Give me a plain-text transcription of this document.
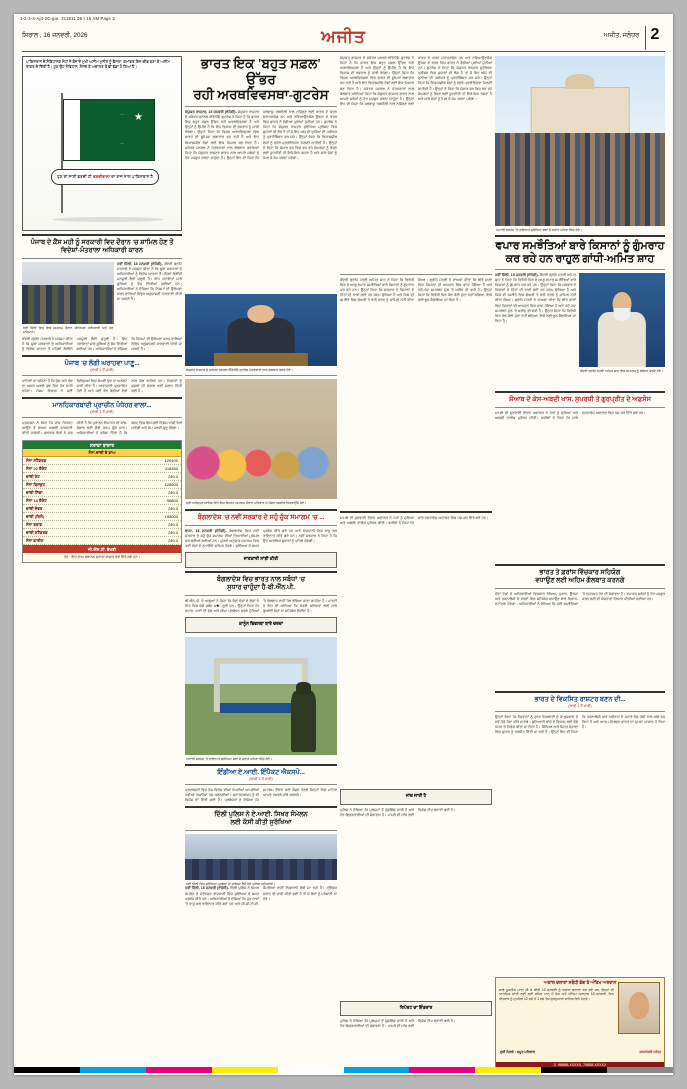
1-2-3-4-Ajit-2C-gur. 311611 05 t 15 AM Page 2
ਸਿਰਾਲ , 16 ਜਨਵਰੀ, 2026	ਅਜੀਤ	ਅਜੀਤ, ਜਲੰਧਰ 2
ਪਾਕਿਸਤਾਨ ਦੇ ਸੰਭਿਧਾਨਕ ਸੋਧਾਂ ਨੇ ਫ਼ੌਜ ਦੇ ਮੁਖੀ ਅਸੀਮ ਮੁਨੀਰ ਨੂੰ ਫ਼ੈਸਲਾ, ਕਮਾਂਡਰ-ਇਨ-ਚੀਫ਼ ਬਣਾ ਕੇ ਅਸੀਮ ਤਾਕਤ ਦੇ ਦਿੱਤੀ ਹੈ। ਹੁਣ ਉਹ ਸੰਵਿਧਾਨ, ਸੰਸਦ ਤੇ ਅਦਾਲਤ ਤੋਂ ਵੀ ਵੱਡਾ ਹੋ ਗਿਆ ਹੈ।
★
ਹੁਣ ਤਾਂ ਸਾਰੀ ਵਰਦੀ ਹੀ ਵਰਦੀਵਾਲਾ ਦਾ ਰਾਜ ਨਾਲ ਪਾਕਿਸਤਾਨ ਹੈ
ਪੰਜਾਬ ਦੇ ਕੈਂਸ ਮਹੀ ਨੂੰ ਸਰਕਾਰੀ ਵਿਦ ਦੌਰਾਨ 'ਚ ਸ਼ਾਮਿਲ ਹੋਣ ਤੋਂ ਵਿਦੇਸ਼ਾਂ-ਮੰਤਰਾਲਾ ਅਧਿਕਾਰੀ ਕਾਰਨ
ਨਵੀਂ ਦਿੱਲੀ ਵਿਚ ਇਕ ਸਮਾਗਮ ਦੌਰਾਨ ਸੀਨੀਅਰ ਅਧਿਕਾਰੀ ਅਤੇ ਹੋਰ ਮਹਿਮਾਨ।
ਨਵੀਂ ਦਿੱਲੀ, 15 ਜਨਵਰੀ (ਏਜੰਸੀ)- ਕੇਂਦਰੀ ਗ੍ਰਹਿ ਮੰਤਰਾਲੇ ਨੇ ਸਪੱਸ਼ਟ ਕੀਤਾ ਹੈ ਕਿ ਸੂਬਾ ਸਰਕਾਰਾਂ ਦੇ ਅਧਿਕਾਰੀਆਂ ਨੂੰ ਵਿਦੇਸ਼ ਯਾਤਰਾ ਤੋਂ ਪਹਿਲਾਂ ਲੋੜੀਂਦੀ ਮਨਜ਼ੂਰੀ ਲੈਣੀ ਜ਼ਰੂਰੀ ਹੈ। ਇਹ ਹਦਾਇਤਾਂ ਸਾਰੇ ਸੂਬਿਆਂ ਨੂੰ ਭੇਜ ਦਿੱਤੀਆਂ ਗਈਆਂ ਹਨ। ਅਧਿਕਾਰੀਆਂ ਨੇ ਦੱਸਿਆ ਕਿ ਨਿਯਮਾਂ ਦੀ ਉਲੰਘਣਾ ਕਰਨ ਵਾਲਿਆਂ ਵਿਰੁੱਧ ਅਨੁਸ਼ਾਸਨੀ ਕਾਰਵਾਈ ਕੀਤੀ ਜਾ ਸਕਦੀ ਹੈ।
ਕੇਂਦਰੀ ਗ੍ਰਹਿ ਮੰਤਰਾਲੇ ਨੇ ਸਪੱਸ਼ਟ ਕੀਤਾ ਹੈ ਕਿ ਸੂਬਾ ਸਰਕਾਰਾਂ ਦੇ ਅਧਿਕਾਰੀਆਂ ਨੂੰ ਵਿਦੇਸ਼ ਯਾਤਰਾ ਤੋਂ ਪਹਿਲਾਂ ਲੋੜੀਂਦੀ ਮਨਜ਼ੂਰੀ ਲੈਣੀ ਜ਼ਰੂਰੀ ਹੈ। ਇਹ ਹਦਾਇਤਾਂ ਸਾਰੇ ਸੂਬਿਆਂ ਨੂੰ ਭੇਜ ਦਿੱਤੀਆਂ ਗਈਆਂ ਹਨ। ਅਧਿਕਾਰੀਆਂ ਨੇ ਦੱਸਿਆ ਕਿ ਨਿਯਮਾਂ ਦੀ ਉਲੰਘਣਾ ਕਰਨ ਵਾਲਿਆਂ ਵਿਰੁੱਧ ਅਨੁਸ਼ਾਸਨੀ ਕਾਰਵਾਈ ਕੀਤੀ ਜਾ ਸਕਦੀ ਹੈ।
ਪੰਜਾਬ 'ਚ ਲੱਗੀ ਘਰਾਹਵਾ ਪਾਣੂ...
(ਬਾਕੀ 1 ਤੋਂ ਜਾਰੀ)
ਮਾਹਿਰਾਂ ਦਾ ਕਹਿਣਾ ਹੈ ਕਿ ਧੁੰਦ ਅਤੇ ਠੰਢ ਦਾ ਅਸਰ ਅਗਲੇ ਕੁਝ ਦਿਨ ਹੋਰ ਜਾਰੀ ਰਹੇਗਾ। ਮੌਸਮ ਵਿਭਾਗ ਨੇ ਕਈ ਜ਼ਿਲ੍ਹਿਆਂ ਵਿਚ ਸੰਘਣੀ ਧੁੰਦ ਦਾ ਅਲਰਟ ਜਾਰੀ ਕੀਤਾ ਹੈ। ਆਵਾਜਾਈ ਪ੍ਰਭਾਵਿਤ ਹੋਈ ਹੈ ਅਤੇ ਕਈ ਰੇਲ ਗੱਡੀਆਂ ਦੇਰੀ ਨਾਲ ਚੱਲ ਰਹੀਆਂ ਹਨ। ਕਿਸਾਨਾਂ ਨੂੰ ਫ਼ਸਲਾਂ ਦੀ ਸੰਭਾਲ ਲਈ ਸਲਾਹ ਦਿੱਤੀ ਗਈ ਹੈ।
ਮਾਨਹਿਕਾਰਬਾਦੀ ਪ੍ਰਾਚੀਨ ਪੰਧੇਹਰ ਵਾਲਾ...
(ਬਾਕੀ 1 ਤੋਂ ਜਾਰੀ)
ਪ੍ਰਸ਼ਾਸਨ ਨੇ ਕਿਹਾ ਕਿ ਜਾਂਚ ਰਿਪੋਰਟ ਆਉਣ ਤੋਂ ਬਾਅਦ ਅਗਲੀ ਕਾਰਵਾਈ ਕੀਤੀ ਜਾਵੇਗੀ। ਸਥਾਨਕ ਲੋਕਾਂ ਨੇ ਮੰਗ ਕੀਤੀ ਹੈ ਕਿ ਪੁਰਾਤਨ ਇਮਾਰਤ ਦੀ ਸਾਂਭ-ਸੰਭਾਲ ਲਈ ਫ਼ੌਰੀ ਕਦਮ ਚੁੱਕੇ ਜਾਣ। ਅਧਿਕਾਰੀਆਂ ਨੇ ਭਰੋਸਾ ਦਿੱਤਾ ਹੈ ਕਿ ਬਜਟ ਵਿਚ ਇਸ ਲਈ ਵਿਸ਼ੇਸ਼ ਰਾਸ਼ੀ ਰੱਖੀ ਜਾਵੇਗੀ ਅਤੇ ਕੰਮ ਜਲਦੀ ਸ਼ੁਰੂ ਹੋਵੇਗਾ।
ਸਰਾਫ਼ਾ ਬਾਜ਼ਾਰ
ਸੋਨਾ-ਚਾਂਦੀ ਦੇ ਭਾਅ
ਸੋਨਾ ਸਟੈਂਡਰਡ	129100
ਸੋਨਾ 22 ਕੈਰੇਟ	118350
ਚਾਂਦੀ ਰੇਟ	249.0
ਸੋਨਾ ਬਿਸਕੁਟ	128900
ਚਾਂਦੀ ਸਿੱਕਾ	249.0
ਸੋਨਾ 18 ਕੈਰੇਟ	96800
ਚਾਂਦੀ ਜ਼ੇਵਰ	249.0
ਚਾਂਦੀ (ਕਿਲੋ)	198000
ਸੋਨਾ ਬਰਾਂਡ	249.0
ਚਾਂਦੀ ਸਟੈਂਡਰਡ	249.0
ਸੋਨਾ ਫ਼ਾਈਨ	249.0
ਜੀ.ਐੱਸ.ਟੀ. ਵੱਖਰੀ
ਨੋਟ : ਇਹ ਭਾਅ ਸਥਾਨਕ ਸਰਾਫ਼ਾ ਬਾਜ਼ਾਰ ਵੱਲੋਂ ਦਿੱਤੇ ਗਏ ਹਨ।
ਭਾਰਤ ਇਕ 'ਬਹੁਤ ਸਫ਼ਲ' ਉੱਭਰ
ਰਹੀ ਅਰਥਵਿਵਸਥਾ-ਗੁਟਰੇਸ
ਸੰਯੁਕਤ ਰਾਸ਼ਟਰ, 15 ਜਨਵਰੀ (ਏਜੰਸੀ)- ਸੰਯੁਕਤ ਰਾਸ਼ਟਰ ਦੇ ਸਕੱਤਰ ਜਨਰਲ ਐਂਤੋਨੀਓ ਗੁਟਰੇਸ ਨੇ ਕਿਹਾ ਹੈ ਕਿ ਭਾਰਤ ਇਕ ਬਹੁਤ ਸਫ਼ਲ ਉੱਭਰ ਰਹੀ ਅਰਥਵਿਵਸਥਾ ਹੈ ਅਤੇ ਉਨ੍ਹਾਂ ਨੂੰ ਉਮੀਦ ਹੈ ਕਿ ਇਹ ਵਿਕਾਸ ਦੀ ਰਫ਼ਤਾਰ ਨੂੰ ਜਾਰੀ ਰੱਖੇਗਾ। ਉਨ੍ਹਾਂ ਕਿਹਾ ਕਿ ਵਿਸ਼ਵ ਅਰਥਵਿਵਸਥਾ ਵਿਚ ਭਾਰਤ ਦੀ ਭੂਮਿਕਾ ਲਗਾਤਾਰ ਵਧ ਰਹੀ ਹੈ ਅਤੇ ਇਹ ਵਿਕਾਸਸ਼ੀਲ ਦੇਸ਼ਾਂ ਲਈ ਇਕ ਮਿਸਾਲ ਬਣ ਰਿਹਾ ਹੈ। ਸਕੱਤਰ ਜਨਰਲ ਨੇ ਪੱਤਰਕਾਰਾਂ ਨਾਲ ਗੱਲਬਾਤ ਕਰਦਿਆਂ ਕਿਹਾ ਕਿ ਸੰਯੁਕਤ ਰਾਸ਼ਟਰ ਭਾਰਤ ਨਾਲ ਆਪਣੇ ਸਬੰਧਾਂ ਨੂੰ ਹੋਰ ਮਜ਼ਬੂਤ ਕਰਨਾ ਚਾਹੁੰਦਾ ਹੈ। ਉਨ੍ਹਾਂ ਇਹ ਵੀ ਕਿਹਾ ਕਿ ਜਲਵਾਯੂ ਤਬਦੀਲੀ ਨਾਲ ਨਜਿੱਠਣ ਲਈ ਭਾਰਤ ਦੇ ਯਤਨ ਸਰਾਹਣਯੋਗ ਹਨ ਅਤੇ ਨਵਿਆਉਣਯੋਗ ਊਰਜਾ ਦੇ ਖੇਤਰ ਵਿਚ ਭਾਰਤ ਨੇ ਵੱਡੀਆਂ ਪੁਲਾਂਘਾਂ ਪੁੱਟੀਆਂ ਹਨ। ਗੁਟਰੇਸ ਨੇ ਕਿਹਾ ਕਿ ਸੰਯੁਕਤ ਰਾਸ਼ਟਰ ਸੁਰੱਖਿਆ ਪ੍ਰੀਸ਼ਦ ਵਿਚ ਸੁਧਾਰਾਂ ਦੀ ਲੋੜ ਹੈ ਤਾਂ ਜੋ ਇਹ ਅੱਜ ਦੀ ਦੁਨੀਆ ਦੀ ਹਕੀਕਤ ਨੂੰ ਪ੍ਰਤੀਬਿੰਬਤ ਕਰ ਸਕੇ। ਉਨ੍ਹਾਂ ਕਿਹਾ ਕਿ ਵਿਕਾਸਸ਼ੀਲ ਦੇਸ਼ਾਂ ਨੂੰ ਵਧੇਰੇ ਪ੍ਰਤੀਨਿਧਤਾ ਮਿਲਣੀ ਚਾਹੀਦੀ ਹੈ। ਉਨ੍ਹਾਂ ਨੇ ਕਿਹਾ ਕਿ ਸੰਸਾਰ ਭਰ ਵਿਚ ਵਧ ਰਹੇ ਸੰਘਰਸ਼ਾਂ ਨੂੰ ਰੋਕਣ ਲਈ ਕੂਟਨੀਤੀ ਹੀ ਇਕੋ-ਇਕ ਰਸਤਾ ਹੈ ਅਤੇ ਸਾਰੇ ਦੇਸ਼ਾਂ ਨੂੰ ਮਿਲ ਕੇ ਕੰਮ ਕਰਨਾ ਪਵੇਗਾ।
ਸੰਯੁਕਤ ਰਾਸ਼ਟਰ ਦੇ ਸਕੱਤਰ ਜਨਰਲ ਐਂਤੋਨੀਓ ਗੁਟਰੇਸ ਪੱਤਰਕਾਰਾਂ ਨਾਲ ਗੱਲਬਾਤ ਕਰਦੇ ਹੋਏ।
ਸ੍ਰੀ ਅਨੰਦਪੁਰ ਸਾਹਿਬ ਵਿਖੇ ਇਕ ਵਿਆਹ ਸਮਾਗਮ ਦੌਰਾਨ ਪਰਿਵਾਰ ਦੇ ਮੈਂਬਰ ਤਸਵੀਰ ਖਿਚਵਾਉਂਦੇ ਹੋਏ।
ਬੰਗਲਾਦੇਸ਼ 'ਚ ਨਵੀਂ ਸਰਕਾਰ ਦੇ ਸਹੁੰ ਚੁੱਕ ਸਮਾਗਮ 'ਚ ...
ਢਾਕਾ, 15 ਜਨਵਰੀ (ਏਜੰਸੀ)- ਬੰਗਲਾਦੇਸ਼ ਵਿਚ ਨਵੀਂ ਸਰਕਾਰ ਦੇ ਸਹੁੰ ਚੁੱਕ ਸਮਾਗਮ ਦੀਆਂ ਤਿਆਰੀਆਂ ਮੁਕੰਮਲ ਕਰ ਲਈਆਂ ਗਈਆਂ ਹਨ। ਸੂਤਰਾਂ ਅਨੁਸਾਰ ਸਮਾਗਮ ਵਿਚ ਕਈ ਦੇਸ਼ਾਂ ਦੇ ਨੁਮਾਇੰਦੇ ਸ਼ਾਮਿਲ ਹੋਣਗੇ। ਸੁਰੱਖਿਆ ਦੇ ਸਖ਼ਤ ਪ੍ਰਬੰਧ ਕੀਤੇ ਗਏ ਹਨ ਅਤੇ ਰਾਜਧਾਨੀ ਵਿਚ ਵਾਧੂ ਬਲ ਤਾਇਨਾਤ ਕੀਤੇ ਗਏ ਹਨ। ਨਵੀਂ ਸਰਕਾਰ ਨੇ ਕਿਹਾ ਹੈ ਕਿ ਉਹ ਆਰਥਿਕ ਸੁਧਾਰਾਂ ਨੂੰ ਪਹਿਲ ਦੇਵੇਗੀ।
ਜਾਣਕਾਰੀ ਸਾਂਝੀ ਕੀਤੀ
ਬੰਗਲਾਦੇਸ਼ ਵਿਚ ਭਾਰਤ ਨਾਲ ਸਬੰਧਾਂ 'ਚ
ਸੁਧਾਰ ਚਾਹੁੰਦਾ ਹੈ-ਬੀ.ਐੱਨ.ਪੀ.
ਬੀ.ਐੱਨ.ਪੀ. ਦੇ ਆਗੂਆਂ ਨੇ ਕਿਹਾ ਕਿ ਦੋਵਾਂ ਦੇਸ਼ਾਂ ਦੇ ਲੋਕਾਂ ਦੇ ਹਿੱਤ ਵਿਚ ਚੰਗੇ ਸਬੰਧ ਜ�਼ਰੂਰੀ ਹਨ। ਉਨ੍ਹਾਂ ਕਿਹਾ ਕਿ ਵਪਾਰ, ਪਾਣੀ ਦੀ ਵੰਡ ਅਤੇ ਸੀਮਾ ਪ੍ਰਬੰਧਨ ਵਰਗੇ ਮੁੱਦਿਆਂ 'ਤੇ ਗੱਲਬਾਤ ਰਾਹੀਂ ਹੱਲ ਲੱਭਿਆ ਜਾਣਾ ਚਾਹੀਦਾ ਹੈ। ਪਾਰਟੀ ਨੇ ਇਹ ਵੀ ਆਖਿਆ ਕਿ ਖੇਤਰੀ ਸਥਿਰਤਾ ਲਈ ਸਾਰੇ ਗੁਆਂਢੀ ਦੇਸ਼ਾਂ ਦਾ ਸਹਿਯੋਗ ਲੋੜੀਂਦਾ ਹੈ।
ਕਾਨੂੰਨ ਵਿਵਸਥਾ ਬਾਰੇ ਚਰਚਾ
ਅਟਾਰੀ ਸਰਹੱਦ 'ਤੇ ਤਾਇਨਾਤ ਸੁਰੱਖਿਆ ਬਲਾਂ ਦੇ ਜਵਾਨ ਪਹਿਰਾ ਦਿੰਦੇ ਹੋਏ।
ਇੰਡੀਆ ਏ.ਆਈ. ਇੰਪੈਕਟ ਐਕਸਪੋ...
(ਬਾਕੀ 1 ਤੋਂ ਜਾਰੀ)
ਪ੍ਰਦਰਸ਼ਨੀ ਵਿਚ ਦੇਸ਼-ਵਿਦੇਸ਼ ਦੀਆਂ ਕੰਪਨੀਆਂ ਆਪਣੀਆਂ ਨਵੀਆਂ ਤਕਨੀਕਾਂ ਪੇਸ਼ ਕਰਨਗੀਆਂ। ਸਟਾਰਟਅੱਪਸ ਨੂੰ ਵੀ ਵਿਸ਼ੇਸ਼ ਥਾਂ ਦਿੱਤੀ ਗਈ ਹੈ। ਪ੍ਰਬੰਧਕਾਂ ਨੇ ਦੱਸਿਆ ਕਿ ਸਮਾਗਮ ਦੌਰਾਨ ਕਈ ਸੈਸ਼ਨ ਹੋਣਗੇ ਜਿਨ੍ਹਾਂ ਵਿਚ ਮਾਹਿਰ ਆਪਣੇ ਤਜਰਬੇ ਸਾਂਝੇ ਕਰਨਗੇ।
ਦਿੱਲੀ ਪੁਲਿਸ ਨੇ ਏ.ਆਈ. ਸਿਖਰ ਸੰਮੇਲਨ
ਲਈ ਕੱਸੀ ਕੀਤੀ ਸੁਰੱਖਿਆ
ਨਵੀਂ ਦਿੱਲੀ ਵਿਚ ਸੁਰੱਖਿਆ ਪ੍ਰਬੰਧਾਂ ਦਾ ਜਾਇਜ਼ਾ ਲੈਂਦੇ ਹੋਏ ਪੁਲਿਸ ਅਧਿਕਾਰੀ।
ਨਵੀਂ ਦਿੱਲੀ, 15 ਜਨਵਰੀ (ਏਜੰਸੀ)- ਦਿੱਲੀ ਪੁਲਿਸ ਨੇ ਸਿਖਰ ਸੰਮੇਲਨ ਦੇ ਮੱਦੇਨਜ਼ਰ ਰਾਜਧਾਨੀ ਵਿਚ ਸੁਰੱਖਿਆ ਦੇ ਸਖ਼ਤ ਪ੍ਰਬੰਧ ਕੀਤੇ ਹਨ। ਅਧਿਕਾਰੀਆਂ ਨੇ ਦੱਸਿਆ ਕਿ ਮੁੱਖ ਥਾਵਾਂ 'ਤੇ ਵਾਧੂ ਬਲ ਤਾਇਨਾਤ ਕੀਤੇ ਗਏ ਹਨ ਅਤੇ ਸੀ.ਸੀ.ਟੀ.ਵੀ. ਕੈਮਰਿਆਂ ਰਾਹੀਂ ਨਿਗਰਾਨੀ ਰੱਖੀ ਜਾ ਰਹੀ ਹੈ। ਟ੍ਰੈਫ਼ਿਕ ਸਲਾਹ ਵੀ ਜਾਰੀ ਕੀਤੀ ਗਈ ਹੈ ਤਾਂ ਜੋ ਲੋਕਾਂ ਨੂੰ ਪਰੇਸ਼ਾਨੀ ਨਾ ਹੋਵੇ।
ਸੰਯੁਕਤ ਰਾਸ਼ਟਰ ਦੇ ਸਕੱਤਰ ਜਨਰਲ ਐਂਤੋਨੀਓ ਗੁਟਰੇਸ ਨੇ ਕਿਹਾ ਹੈ ਕਿ ਭਾਰਤ ਇਕ ਬਹੁਤ ਸਫ਼ਲ ਉੱਭਰ ਰਹੀ ਅਰਥਵਿਵਸਥਾ ਹੈ ਅਤੇ ਉਨ੍ਹਾਂ ਨੂੰ ਉਮੀਦ ਹੈ ਕਿ ਇਹ ਵਿਕਾਸ ਦੀ ਰਫ਼ਤਾਰ ਨੂੰ ਜਾਰੀ ਰੱਖੇਗਾ। ਉਨ੍ਹਾਂ ਕਿਹਾ ਕਿ ਵਿਸ਼ਵ ਅਰਥਵਿਵਸਥਾ ਵਿਚ ਭਾਰਤ ਦੀ ਭੂਮਿਕਾ ਲਗਾਤਾਰ ਵਧ ਰਹੀ ਹੈ ਅਤੇ ਇਹ ਵਿਕਾਸਸ਼ੀਲ ਦੇਸ਼ਾਂ ਲਈ ਇਕ ਮਿਸਾਲ ਬਣ ਰਿਹਾ ਹੈ। ਸਕੱਤਰ ਜਨਰਲ ਨੇ ਪੱਤਰਕਾਰਾਂ ਨਾਲ ਗੱਲਬਾਤ ਕਰਦਿਆਂ ਕਿਹਾ ਕਿ ਸੰਯੁਕਤ ਰਾਸ਼ਟਰ ਭਾਰਤ ਨਾਲ ਆਪਣੇ ਸਬੰਧਾਂ ਨੂੰ ਹੋਰ ਮਜ਼ਬੂਤ ਕਰਨਾ ਚਾਹੁੰਦਾ ਹੈ। ਉਨ੍ਹਾਂ ਇਹ ਵੀ ਕਿਹਾ ਕਿ ਜਲਵਾਯੂ ਤਬਦੀਲੀ ਨਾਲ ਨਜਿੱਠਣ ਲਈ ਭਾਰਤ ਦੇ ਯਤਨ ਸਰਾਹਣਯੋਗ ਹਨ ਅਤੇ ਨਵਿਆਉਣਯੋਗ ਊਰਜਾ ਦੇ ਖੇਤਰ ਵਿਚ ਭਾਰਤ ਨੇ ਵੱਡੀਆਂ ਪੁਲਾਂਘਾਂ ਪੁੱਟੀਆਂ ਹਨ। ਗੁਟਰੇਸ ਨੇ ਕਿਹਾ ਕਿ ਸੰਯੁਕਤ ਰਾਸ਼ਟਰ ਸੁਰੱਖਿਆ ਪ੍ਰੀਸ਼ਦ ਵਿਚ ਸੁਧਾਰਾਂ ਦੀ ਲੋੜ ਹੈ ਤਾਂ ਜੋ ਇਹ ਅੱਜ ਦੀ ਦੁਨੀਆ ਦੀ ਹਕੀਕਤ ਨੂੰ ਪ੍ਰਤੀਬਿੰਬਤ ਕਰ ਸਕੇ। ਉਨ੍ਹਾਂ ਕਿਹਾ ਕਿ ਵਿਕਾਸਸ਼ੀਲ ਦੇਸ਼ਾਂ ਨੂੰ ਵਧੇਰੇ ਪ੍ਰਤੀਨਿਧਤਾ ਮਿਲਣੀ ਚਾਹੀਦੀ ਹੈ। ਉਨ੍ਹਾਂ ਨੇ ਕਿਹਾ ਕਿ ਸੰਸਾਰ ਭਰ ਵਿਚ ਵਧ ਰਹੇ ਸੰਘਰਸ਼ਾਂ ਨੂੰ ਰੋਕਣ ਲਈ ਕੂਟਨੀਤੀ ਹੀ ਇਕੋ-ਇਕ ਰਸਤਾ ਹੈ ਅਤੇ ਸਾਰੇ ਦੇਸ਼ਾਂ ਨੂੰ ਮਿਲ ਕੇ ਕੰਮ ਕਰਨਾ ਪਵੇਗਾ।
ਕੇਂਦਰੀ ਗ੍ਰਹਿ ਮੰਤਰੀ ਅਮਿਤ ਸ਼ਾਹ ਨੇ ਕਿਹਾ ਕਿ ਵਿਰੋਧੀ ਧਿਰ ਦੇ ਆਗੂ ਵਪਾਰ ਸਮਝੌਤਿਆਂ ਬਾਰੇ ਕਿਸਾਨਾਂ ਨੂੰ ਗੁੰਮਰਾਹ ਕਰ ਰਹੇ ਹਨ। ਉਨ੍ਹਾਂ ਕਿਹਾ ਕਿ ਸਰਕਾਰ ਨੇ ਕਿਸਾਨਾਂ ਦੇ ਹਿੱਤਾਂ ਦੀ ਰਾਖੀ ਲਈ ਹਰ ਕਦਮ ਚੁੱਕਿਆ ਹੈ ਅਤੇ ਕਿਸੇ ਵੀ ਸਮਝੌਤੇ ਵਿਚ ਡੇਅਰੀ ਤੇ ਖੇਤੀ ਖੇਤਰ ਨੂੰ ਸ਼ਾਮਿਲ ਨਹੀਂ ਕੀਤਾ ਗਿਆ। ਗ੍ਰਹਿ ਮੰਤਰੀ ਨੇ ਦਾਅਵਾ ਕੀਤਾ ਕਿ ਬੀਤੇ ਸਾਲਾਂ ਵਿਚ ਕਿਸਾਨਾਂ ਦੀ ਆਮਦਨ ਵਿਚ ਵਾਧਾ ਹੋਇਆ ਹੈ ਅਤੇ ਘੱਟੋ-ਘੱਟ ਸਮਰਥਨ ਮੁੱਲ 'ਤੇ ਖ਼ਰੀਦ ਵੀ ਵਧੀ ਹੈ। ਉਨ੍ਹਾਂ ਕਿਹਾ ਕਿ ਵਿਰੋਧੀ ਧਿਰ ਕੋਲ ਕੋਈ ਮੁੱਦਾ ਨਹੀਂ ਬਚਿਆ, ਇਸੇ ਲਈ ਝੂਠ ਫੈਲਾਇਆ ਜਾ ਰਿਹਾ ਹੈ।
ਮਾਮਲੇ ਦੀ ਸੁਣਵਾਈ ਦੌਰਾਨ ਅਦਾਲਤ ਨੇ ਪੱਖਾਂ ਨੂੰ ਸੁਣਿਆ ਅਤੇ ਅਗਲੀ ਤਾਰੀਖ਼ ਮੁਕੱਰਰ ਕੀਤੀ। ਵਕੀਲਾਂ ਨੇ ਕਿਹਾ ਕਿ ਸਾਰੇ ਦਸਤਾਵੇਜ਼ ਅਦਾਲਤ ਵਿਚ ਪੇਸ਼ ਕਰ ਦਿੱਤੇ ਗਏ ਹਨ।
ਜਾਂਚ ਜਾਰੀ ਹੈ
ਪੁਲਿਸ ਨੇ ਦੱਸਿਆ ਕਿ ਮੁਲਜ਼ਮਾਂ ਤੋਂ ਪੁੱਛਗਿੱਛ ਜਾਰੀ ਹੈ ਅਤੇ ਹੋਰ ਗ੍ਰਿਫ਼ਤਾਰੀਆਂ ਦੀ ਸੰਭਾਵਨਾ ਹੈ। ਮਾਮਲੇ ਦੀ ਜਾਂਚ ਲਈ ਵਿਸ਼ੇਸ਼ ਟੀਮ ਬਣਾਈ ਗਈ ਹੈ।
ਰਿਪੋਰਟ ਦਾ ਇੰਤਜ਼ਾਰ
ਪੁਲਿਸ ਨੇ ਦੱਸਿਆ ਕਿ ਮੁਲਜ਼ਮਾਂ ਤੋਂ ਪੁੱਛਗਿੱਛ ਜਾਰੀ ਹੈ ਅਤੇ ਹੋਰ ਗ੍ਰਿਫ਼ਤਾਰੀਆਂ ਦੀ ਸੰਭਾਵਨਾ ਹੈ। ਮਾਮਲੇ ਦੀ ਜਾਂਚ ਲਈ ਵਿਸ਼ੇਸ਼ ਟੀਮ ਬਣਾਈ ਗਈ ਹੈ।
ਅਟਾਰੀ ਸਰਹੱਦ 'ਤੇ ਤਾਇਨਾਤ ਸੁਰੱਖਿਆ ਬਲਾਂ ਦੇ ਜਵਾਨ ਪਹਿਰਾ ਦਿੰਦੇ ਹੋਏ।
ਵਪਾਰ ਸਮਝੌਤਿਆਂ ਬਾਰੇ ਕਿਸਾਨਾਂ ਨੂੰ ਗੁੰਮਰਾਹ
ਕਰ ਰਹੇ ਹਨ ਰਾਹੁਲ ਗਾਂਧੀ-ਅਮਿਤ ਸ਼ਾਹ
ਨਵੀਂ ਦਿੱਲੀ, 15 ਜਨਵਰੀ (ਏਜੰਸੀ)- ਕੇਂਦਰੀ ਗ੍ਰਹਿ ਮੰਤਰੀ ਅਮਿਤ ਸ਼ਾਹ ਨੇ ਕਿਹਾ ਕਿ ਵਿਰੋਧੀ ਧਿਰ ਦੇ ਆਗੂ ਵਪਾਰ ਸਮਝੌਤਿਆਂ ਬਾਰੇ ਕਿਸਾਨਾਂ ਨੂੰ ਗੁੰਮਰਾਹ ਕਰ ਰਹੇ ਹਨ। ਉਨ੍ਹਾਂ ਕਿਹਾ ਕਿ ਸਰਕਾਰ ਨੇ ਕਿਸਾਨਾਂ ਦੇ ਹਿੱਤਾਂ ਦੀ ਰਾਖੀ ਲਈ ਹਰ ਕਦਮ ਚੁੱਕਿਆ ਹੈ ਅਤੇ ਕਿਸੇ ਵੀ ਸਮਝੌਤੇ ਵਿਚ ਡੇਅਰੀ ਤੇ ਖੇਤੀ ਖੇਤਰ ਨੂੰ ਸ਼ਾਮਿਲ ਨਹੀਂ ਕੀਤਾ ਗਿਆ। ਗ੍ਰਹਿ ਮੰਤਰੀ ਨੇ ਦਾਅਵਾ ਕੀਤਾ ਕਿ ਬੀਤੇ ਸਾਲਾਂ ਵਿਚ ਕਿਸਾਨਾਂ ਦੀ ਆਮਦਨ ਵਿਚ ਵਾਧਾ ਹੋਇਆ ਹੈ ਅਤੇ ਘੱਟੋ-ਘੱਟ ਸਮਰਥਨ ਮੁੱਲ 'ਤੇ ਖ਼ਰੀਦ ਵੀ ਵਧੀ ਹੈ। ਉਨ੍ਹਾਂ ਕਿਹਾ ਕਿ ਵਿਰੋਧੀ ਧਿਰ ਕੋਲ ਕੋਈ ਮੁੱਦਾ ਨਹੀਂ ਬਚਿਆ, ਇਸੇ ਲਈ ਝੂਠ ਫੈਲਾਇਆ ਜਾ ਰਿਹਾ ਹੈ।
ਕੇਂਦਰੀ ਗ੍ਰਹਿ ਮੰਤਰੀ ਅਮਿਤ ਸ਼ਾਹ ਇਕ ਸਮਾਗਮ ਨੂੰ ਸੰਬੋਧਨ ਕਰਦੇ ਹੋਏ।
ਸ਼ੋਆਬ ਦੇ ਕੇਸ-ਅਬਦੀ ਖਾਸ, ਸੁਪਰਧੀ ਤੇ ਗੁਰਪ੍ਰੀਤ ਦੇ ਅਫ਼ਸੋਸ
ਮਾਮਲੇ ਦੀ ਸੁਣਵਾਈ ਦੌਰਾਨ ਅਦਾਲਤ ਨੇ ਪੱਖਾਂ ਨੂੰ ਸੁਣਿਆ ਅਤੇ ਅਗਲੀ ਤਾਰੀਖ਼ ਮੁਕੱਰਰ ਕੀਤੀ। ਵਕੀਲਾਂ ਨੇ ਕਿਹਾ ਕਿ ਸਾਰੇ ਦਸਤਾਵੇਜ਼ ਅਦਾਲਤ ਵਿਚ ਪੇਸ਼ ਕਰ ਦਿੱਤੇ ਗਏ ਹਨ।
ਭਾਰਤ ਤੇ ਫ਼ਰਾਂਸ ਵਿੱਚਕਾਰ ਸਹਿਯੋਗ
ਵਧਾਉਣ ਲਈ ਅਹਿਮ ਗੱਲਬਾਤ ਕਰਨਗੇ
ਦੋਵਾਂ ਦੇਸ਼ਾਂ ਦੇ ਅਧਿਕਾਰੀਆਂ ਵਿਚਕਾਰ ਰੱਖਿਆ, ਪੁਲਾੜ, ਊਰਜਾ ਅਤੇ ਤਕਨਾਲੋਜੀ ਦੇ ਖੇਤਰਾਂ ਵਿਚ ਸਹਿਯੋਗ ਵਧਾਉਣ ਬਾਰੇ ਵਿਚਾਰ-ਵਟਾਂਦਰਾ ਹੋਵੇਗਾ। ਅਧਿਕਾਰੀਆਂ ਨੇ ਦੱਸਿਆ ਕਿ ਕਈ ਸਮਝੌਤਿਆਂ 'ਤੇ ਦਸਤਖ਼ਤ ਹੋਣ ਦੀ ਸੰਭਾਵਨਾ ਹੈ। ਵਪਾਰਕ ਸਬੰਧਾਂ ਨੂੰ ਹੋਰ ਮਜ਼ਬੂਤ ਕਰਨ ਲਈ ਵੀ ਯੋਜਨਾਵਾਂ ਤਿਆਰ ਕੀਤੀਆਂ ਗਈਆਂ ਹਨ।
ਭਾਰਤ ਦੇ ਵਿਕਸਿਤ ਰਾਸ਼ਟਰ ਬਣਨ ਦੀ...
(ਬਾਕੀ 1 ਤੋਂ ਜਾਰੀ)
ਉਨ੍ਹਾਂ ਕਿਹਾ ਕਿ ਨੌਜਵਾਨਾਂ ਨੂੰ ਹੁਨਰ ਸਿਖਲਾਈ ਦੇ ਕੇ ਰੁਜ਼ਗਾਰ ਦੇ ਨਵੇਂ ਮੌਕੇ ਪੈਦਾ ਕੀਤੇ ਜਾਣਗੇ। ਬੁਨਿਆਦੀ ਢਾਂਚੇ ਦੇ ਵਿਕਾਸ ਲਈ ਵੱਡੇ ਪੱਧਰ 'ਤੇ ਨਿਵੇਸ਼ ਕੀਤਾ ਜਾ ਰਿਹਾ ਹੈ। ਸਿੱਖਿਆ ਅਤੇ ਸਿਹਤ ਸੇਵਾਵਾਂ ਵਿਚ ਸੁਧਾਰ ਨੂੰ ਤਰਜੀਹ ਦਿੱਤੀ ਜਾ ਰਹੀ ਹੈ। ਉਨ੍ਹਾਂ ਇਹ ਵੀ ਕਿਹਾ ਕਿ ਤਕਨਾਲੋਜੀ ਅਤੇ ਨਵੀਨਤਾ ਦੇ ਸਹਾਰੇ ਦੇਸ਼ ਤੇਜ਼ੀ ਨਾਲ ਅੱਗੇ ਵਧ ਰਿਹਾ ਹੈ ਅਤੇ ਆਤਮ-ਨਿਰਭਰ ਭਾਰਤ ਦਾ ਸੁਪਨਾ ਸਾਕਾਰ ਹੋ ਰਿਹਾ ਹੈ।
ਅਕਾਲ ਚਲਾਣਾ ਸਬੰਧੀ ਭੋਗ ਤੇ ਅੰਤਿਮ ਅਰਦਾਸ
ਸਾਡੇ ਪੂਜਨੀਕ ਮਾਤਾ ਜੀ ਜੋ ਬੀਤੀ 10 ਜਨਵਰੀ ਨੂੰ ਅਕਾਲ ਚਲਾਣਾ ਕਰ ਗਏ ਸਨ, ਉਨ੍ਹਾਂ ਦੀ ਆਤਮਿਕ ਸ਼ਾਂਤੀ ਲਈ ਸ੍ਰੀ ਸਹਿਜ ਪਾਠ ਦੇ ਭੋਗ ਅਤੇ ਅੰਤਿਮ ਅਰਦਾਸ 18 ਜਨਵਰੀ, ਦਿਨ ਐਤਵਾਰ ਨੂੰ ਦੁਪਹਿਰ 12 ਵਜੇ ਤੋਂ 1 ਵਜੇ ਤੱਕ ਗੁਰਦੁਆਰਾ ਸਾਹਿਬ ਵਿਖੇ ਹੋਣਗੇ।
ਸ਼ਰਧਾਂਜਲੀ ਸਹਿਤ
ਦੁਖੀ ਹਿਰਦੇ : ਸਮੂਹ ਪਰਿਵਾਰ
ਮੋ. 98888-XXXXX, 79888-XXXXX
